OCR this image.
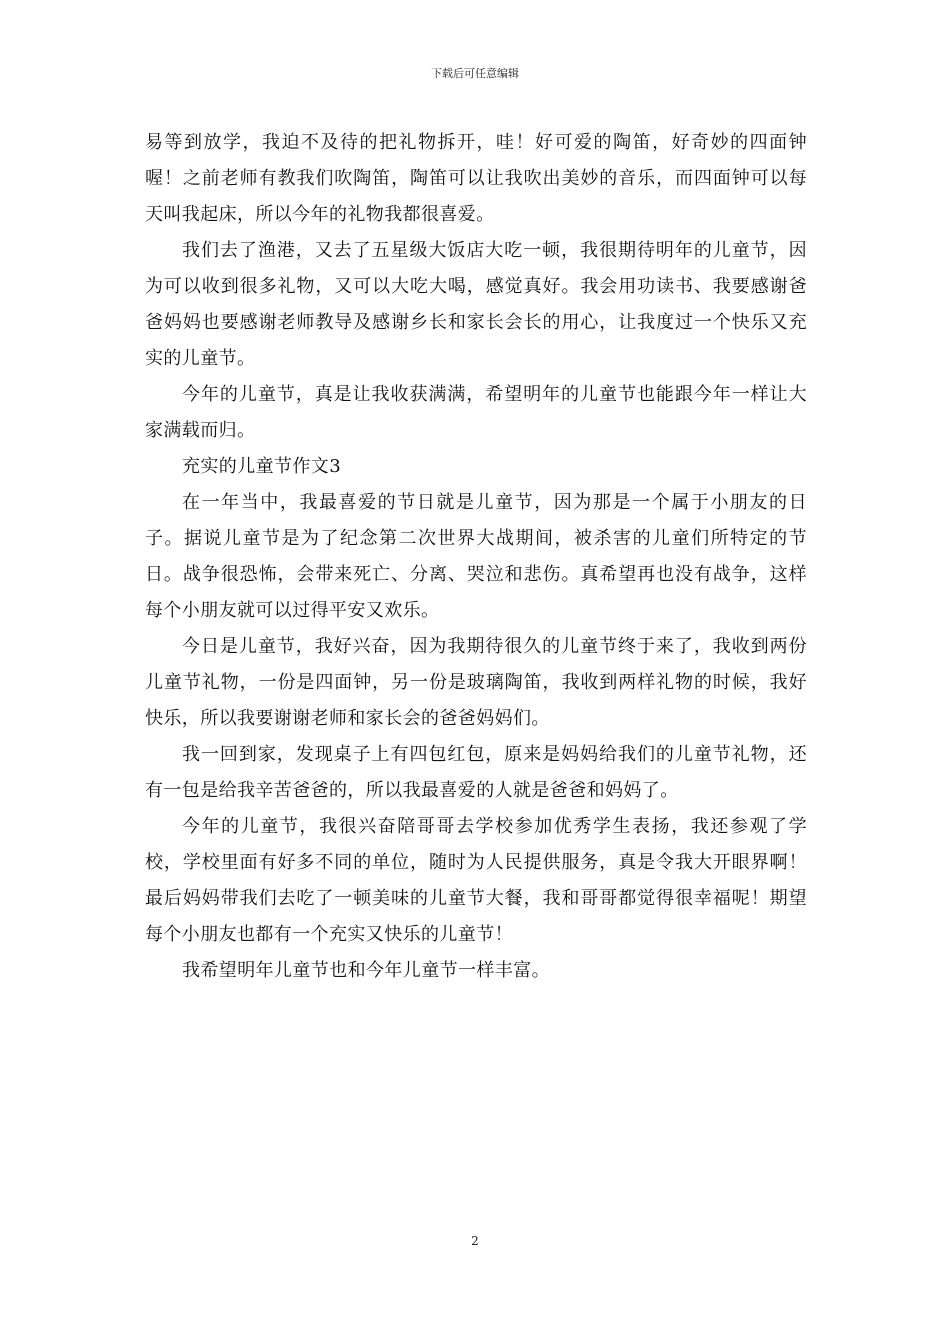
下载后可任意编辑

易等到放学，我迫不及待的把礼物拆开，哇！好可爱的陶笛，好奇妙的四面钟喔！之前老师有教我们吹陶笛，陶笛可以让我吹出美妙的音乐，而四面钟可以每天叫我起床，所以今年的礼物我都很喜爱。

我们去了渔港，又去了五星级大饭店大吃一顿，我很期待明年的儿童节，因为可以收到很多礼物，又可以大吃大喝，感觉真好。我会用功读书、我要感谢爸爸妈妈也要感谢老师教导及感谢乡长和家长会长的用心，让我度过一个快乐又充实的儿童节。

今年的儿童节，真是让我收获满满，希望明年的儿童节也能跟今年一样让大家满载而归。

充实的儿童节作文3

在一年当中，我最喜爱的节日就是儿童节，因为那是一个属于小朋友的日子。据说儿童节是为了纪念第二次世界大战期间，被杀害的儿童们所特定的节日。战争很恐怖，会带来死亡、分离、哭泣和悲伤。真希望再也没有战争，这样每个小朋友就可以过得平安又欢乐。

今日是儿童节，我好兴奋，因为我期待很久的儿童节终于来了，我收到两份儿童节礼物，一份是四面钟，另一份是玻璃陶笛，我收到两样礼物的时候，我好快乐，所以我要谢谢老师和家长会的爸爸妈妈们。

我一回到家，发现桌子上有四包红包，原来是妈妈给我们的儿童节礼物，还有一包是给我辛苦爸爸的，所以我最喜爱的人就是爸爸和妈妈了。

今年的儿童节，我很兴奋陪哥哥去学校参加优秀学生表扬，我还参观了学校，学校里面有好多不同的单位，随时为人民提供服务，真是令我大开眼界啊！最后妈妈带我们去吃了一顿美味的儿童节大餐，我和哥哥都觉得很幸福呢！期望每个小朋友也都有一个充实又快乐的儿童节！

我希望明年儿童节也和今年儿童节一样丰富。

2
